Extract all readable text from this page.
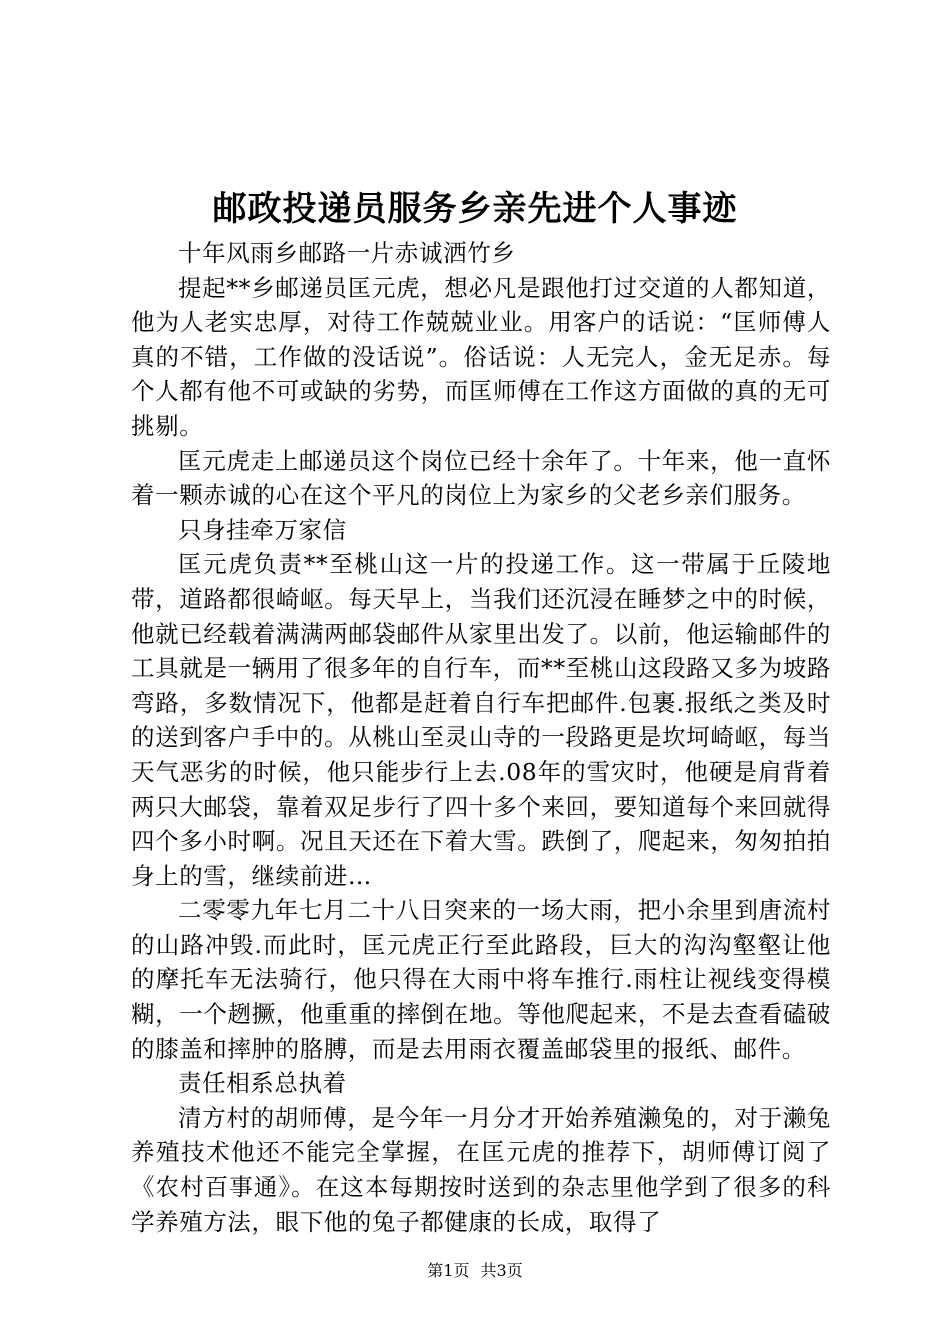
邮政投递员服务乡亲先进个人事迹

十年风雨乡邮路一片赤诚洒竹乡

提起**乡邮递员匡元虎，想必凡是跟他打过交道的人都知道，他为人老实忠厚，对待工作兢兢业业。用客户的话说：“匡师傅人真的不错，工作做的没话说”。俗话说：人无完人，金无足赤。每个人都有他不可或缺的劣势，而匡师傅在工作这方面做的真的无可挑剔。

匡元虎走上邮递员这个岗位已经十余年了。十年来，他一直怀着一颗赤诚的心在这个平凡的岗位上为家乡的父老乡亲们服务。

只身挂牵万家信

匡元虎负责**至桃山这一片的投递工作。这一带属于丘陵地带，道路都很崎岖。每天早上，当我们还沉浸在睡梦之中的时候，他就已经载着满满两邮袋邮件从家里出发了。以前，他运输邮件的工具就是一辆用了很多年的自行车，而**至桃山这段路又多为坡路弯路，多数情况下，他都是赶着自行车把邮件.包裹.报纸之类及时的送到客户手中的。从桃山至灵山寺的一段路更是坎坷崎岖，每当天气恶劣的时候，他只能步行上去.08年的雪灾时，他硬是肩背着两只大邮袋，靠着双足步行了四十多个来回，要知道每个来回就得四个多小时啊。况且天还在下着大雪。跌倒了，爬起来，匆匆拍拍身上的雪，继续前进…

二零零九年七月二十八日突来的一场大雨，把小余里到唐流村的山路冲毁.而此时，匡元虎正行至此路段，巨大的沟沟壑壑让他的摩托车无法骑行，他只得在大雨中将车推行.雨柱让视线变得模糊，一个趔撅，他重重的摔倒在地。等他爬起来，不是去查看磕破的膝盖和摔肿的胳膊，而是去用雨衣覆盖邮袋里的报纸、邮件。

责任相系总执着

清方村的胡师傅，是今年一月分才开始养殖濑兔的，对于濑兔养殖技术他还不能完全掌握，在匡元虎的推荐下，胡师傅订阅了《农村百事通》。在这本每期按时送到的杂志里他学到了很多的科学养殖方法，眼下他的兔子都健康的长成，取得了

第1页 共3页
